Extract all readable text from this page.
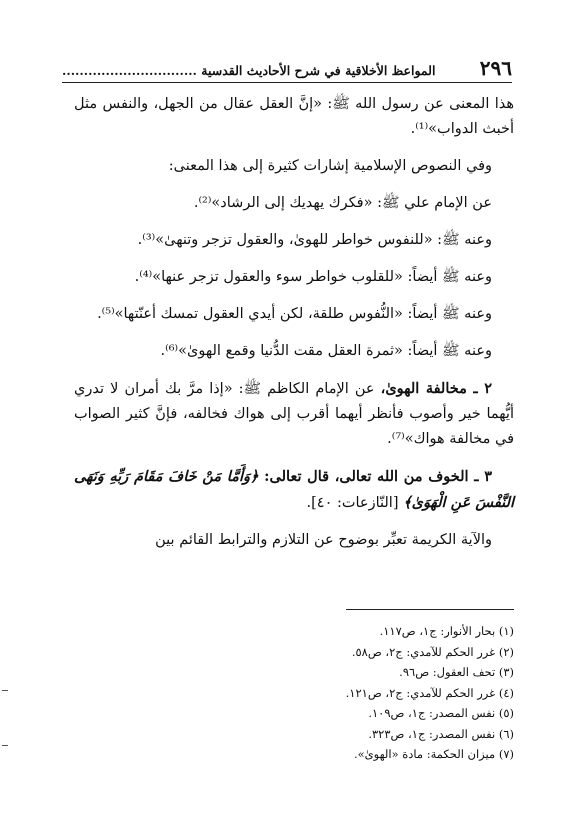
٢٩٦
المواعظ الأخلاقية في شرح الأحاديث القدسية ...............................

هذا المعنى عن رسول الله ﷺ: «إنَّ العقل عقال من الجهل، والنفس مثل أخبث الدواب»⁽¹⁾.

وفي النصوص الإسلامية إشارات كثيرة إلى هذا المعنى:

عن الإمام علي ﷺ: «فكرك يهديك إلى الرشاد»⁽²⁾.

وعنه ﷺ: «للنفوس خواطر للهوىٰ، والعقول تزجر وتنهىٰ»⁽³⁾.

وعنه ﷺ أيضاً: «للقلوب خواطر سوء والعقول تزجر عنها»⁽⁴⁾.

وعنه ﷺ أيضاً: «النُّفوس طلقة، لكن أيدي العقول تمسك أعنّتها»⁽⁵⁾.

وعنه ﷺ أيضاً: «ثمرة العقل مقت الدُّنيا وقمع الهوىٰ»⁽⁶⁾.

٢ ـ مخالفة الهوىٰ، عن الإمام الكاظم ﷺ: «إذا مرَّ بك أمران لا تدري أيُّهما خير وأصوب فأنظر أيهما أقرب إلى هواك فخالفه، فإنَّ كثير الصواب في مخالفة هواك»⁽⁷⁾.

٣ ـ الخوف من الله تعالى، قال تعالى: ﴿وَأَمَّا مَنْ خَافَ مَقَامَ رَبِّهِ وَنَهَى النَّفْسَ عَنِ الْهَوَىٰ﴾ [النّازعات: ٤٠].

والآية الكريمة تعبِّر بوضوح عن التلازم والترابط القائم بين

(١) بحار الأنوار: ج١، ص١١٧.
(٢) غرر الحكم للآمدي: ج٢، ص٥٨.
(٣) تحف العقول: ص٩٦.
(٤) غرر الحكم للآمدي: ج٢، ص١٢١.
(٥) نفس المصدر: ج١، ص١٠٩.
(٦) نفس المصدر: ج١، ص٣٢٣.
(٧) ميزان الحكمة: مادة «الهوىٰ».
